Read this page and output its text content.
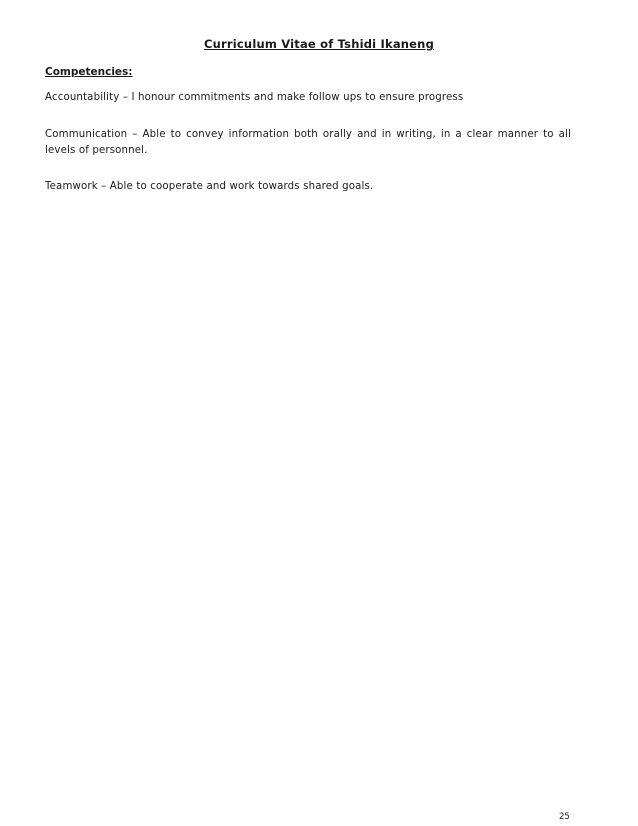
Curriculum Vitae of Tshidi Ikaneng
Competencies:

Accountability – I honour commitments and make follow ups to ensure progress

Communication – Able to convey information both orally and in writing, in a clear manner to all levels of personnel.

Teamwork – Able to cooperate and work towards shared goals.

25
